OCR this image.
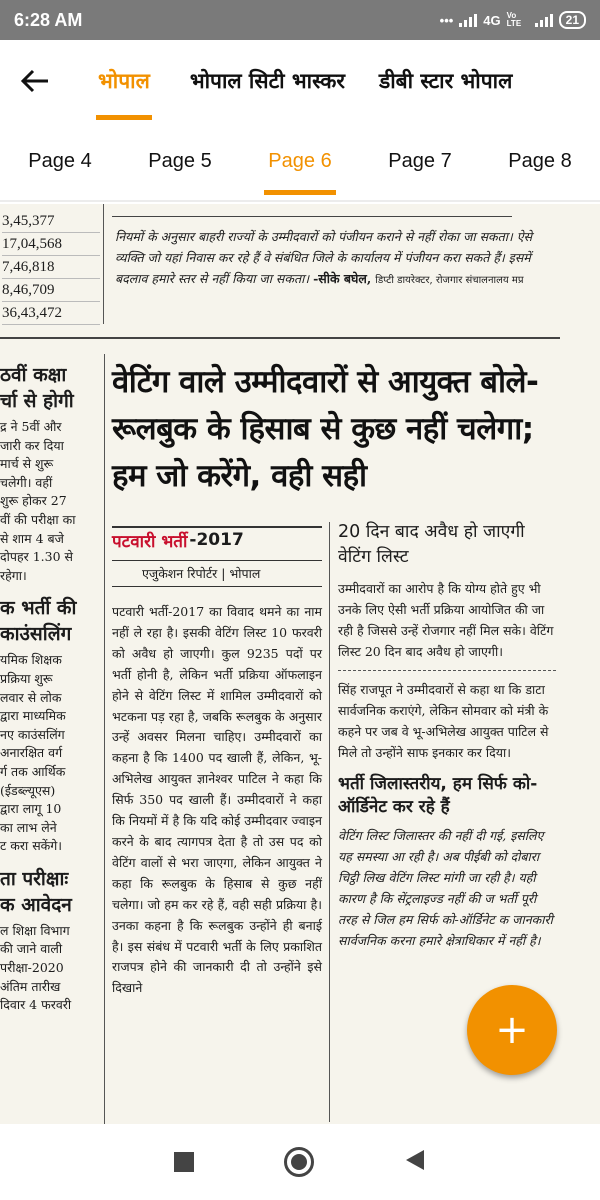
6:28 AM	••• 4G Vo LTE	21
भोपाल भोपाल सिटी भास्कर डीबी स्टार भोपाल
Page 4	Page 5	Page 6	Page 7	Page 8
3,45,377
17,04,568
7,46,818
8,46,709
36,43,472
नियमों के अनुसार बाहरी राज्यों के उम्मीदवारों को पंजीयन कराने से नहीं रोका जा सकता। ऐसे व्यक्ति जो यहां निवास कर रहे हैं वे संबंधित जिले के कार्यालय में पंजीयन करा सकते हैं। इसमें बदलाव हमारे स्तर से नहीं किया जा सकता। -सीके बघेल, डिप्टी डायरेक्टर, रोजगार संचालनालय मप्र
ठवीं कक्षा
र्चा से होगी
द्र ने 5वीं और
जारी कर दिया
मार्च से शुरू
चलेगी। वहीं
शुरू होकर 27
वीं की परीक्षा का
से शाम 4 बजे
दोपहर 1.30 से
रहेगा।
क भर्ती की
काउंसलिंग
यमिक शिक्षक
प्रक्रिया शुरू
लवार से लोक
द्वारा माध्यमिक
नए काउंसलिंग
अनारक्षित वर्ग
र्ग तक आर्थिक
(ईडब्ल्यूएस)
द्वारा लागू 10
का लाभ लेने
ट करा सकेंगे।
ता परीक्षाः
क आवेदन
ल शिक्षा विभाग
की जाने वाली
परीक्षा-2020
अंतिम तारीख
दिवार 4 फरवरी
वेटिंग वाले उम्मीदवारों से आयुक्त बोले- रूलबुक के हिसाब से कुछ नहीं चलेगा; हम जो करेंगे, वही सही
पटवारी भर्ती -2017
एजुकेशन रिपोर्टर | भोपाल
पटवारी भर्ती-2017 का विवाद थमने का नाम नहीं ले रहा है। इसकी वेटिंग लिस्ट 10 फरवरी को अवैध हो जाएगी। कुल 9235 पदों पर भर्ती होनी है, लेकिन भर्ती प्रक्रिया ऑफलाइन होने से वेटिंग लिस्ट में शामिल उम्मीदवारों को भटकना पड़ रहा है, जबकि रूलबुक के अनुसार उन्हें अवसर मिलना चाहिए। उम्मीदवारों का कहना है कि 1400 पद खाली हैं, लेकिन, भू-अभिलेख आयुक्त ज्ञानेश्वर पाटिल ने कहा कि सिर्फ 350 पद खाली हैं। उम्मीदवारों ने कहा कि नियमों में है कि यदि कोई उम्मीदवार ज्वाइन करने के बाद त्यागपत्र देता है तो उस पद को वेटिंग वालों से भरा जाएगा, लेकिन आयुक्त ने कहा कि रूलबुक के हिसाब से कुछ नहीं चलेगा। जो हम कर रहे हैं, वही सही प्रक्रिया है। उनका कहना है कि रूलबुक उन्होंने ही बनाई है। इस संबंध में पटवारी भर्ती के लिए प्रकाशित राजपत्र होने की जानकारी दी तो उन्होंने इसे दिखाने
20 दिन बाद अवैध हो जाएगी वेटिंग लिस्ट
उम्मीदवारों का आरोप है कि योग्य होते हुए भी उनके लिए ऐसी भर्ती प्रक्रिया आयोजित की जा रही है जिससे उन्हें रोजगार नहीं मिल सके। वेटिंग लिस्ट 20 दिन बाद अवैध हो जाएगी।
सिंह राजपूत ने उम्मीदवारों से कहा था कि डाटा सार्वजनिक कराएंगे, लेकिन सोमवार को मंत्री के कहने पर जब वे भू-अभिलेख आयुक्त पाटिल से मिले तो उन्होंने साफ इनकार कर दिया।
भर्ती जिलास्तरीय, हम सिर्फ को-ऑर्डिनेट कर रहे हैं
वेटिंग लिस्ट जिलास्तर की नहीं दी गई, इसलिए यह समस्या आ रही है। अब पीईबी को दोबारा चिट्ठी लिख वेटिंग लिस्ट मांगी जा रही है। यही कारण है कि सेंट्रलाइज्ड नहीं की ज भर्ती पूरी तरह से जिल हम सिर्फ को-ऑर्डिनेट क जानकारी सार्वजनिक करना हमारे क्षेत्राधिकार में नहीं है।
+
